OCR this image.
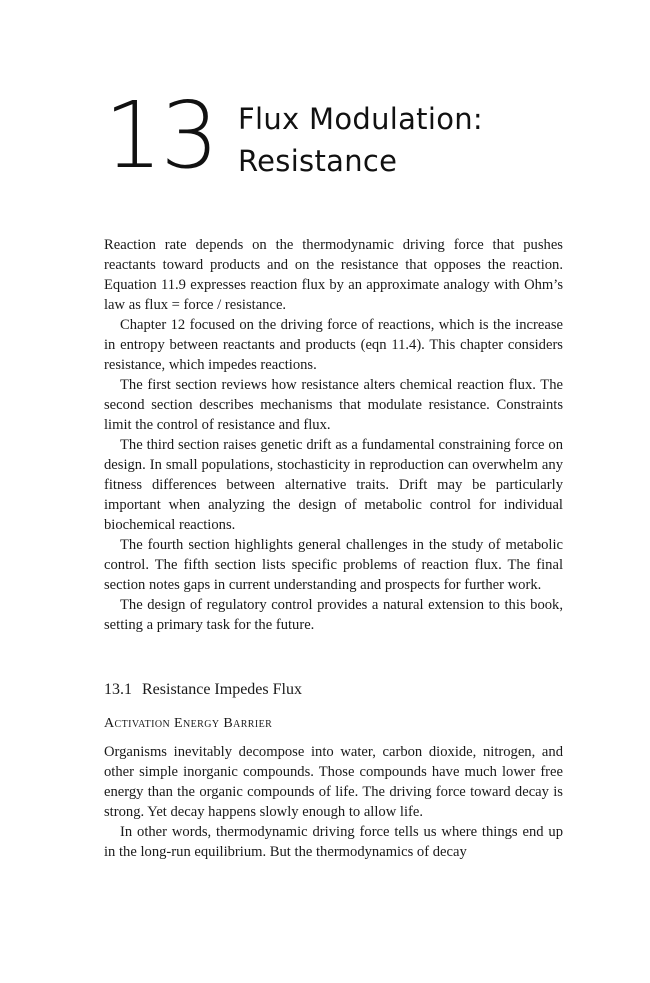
13 Flux Modulation:
Resistance

Reaction rate depends on the thermodynamic driving force that pushes reactants toward products and on the resistance that opposes the reaction. Equation 11.9 expresses reaction flux by an approximate analogy with Ohm’s law as flux = force / resistance.

Chapter 12 focused on the driving force of reactions, which is the increase in entropy between reactants and products (eqn 11.4). This chapter considers resistance, which impedes reactions.

The first section reviews how resistance alters chemical reaction flux. The second section describes mechanisms that modulate resistance. Constraints limit the control of resistance and flux.

The third section raises genetic drift as a fundamental constraining force on design. In small populations, stochasticity in reproduction can overwhelm any fitness differences between alternative traits. Drift may be particularly important when analyzing the design of metabolic control for individual biochemical reactions.

The fourth section highlights general challenges in the study of metabolic control. The fifth section lists specific problems of reaction flux. The final section notes gaps in current understanding and prospects for further work.

The design of regulatory control provides a natural extension to this book, setting a primary task for the future.

13.1 Resistance Impedes Flux
Activation Energy Barrier

Organisms inevitably decompose into water, carbon dioxide, nitrogen, and other simple inorganic compounds. Those compounds have much lower free energy than the organic compounds of life. The driving force toward decay is strong. Yet decay happens slowly enough to allow life.

In other words, thermodynamic driving force tells us where things end up in the long-run equilibrium. But the thermodynamics of decay
